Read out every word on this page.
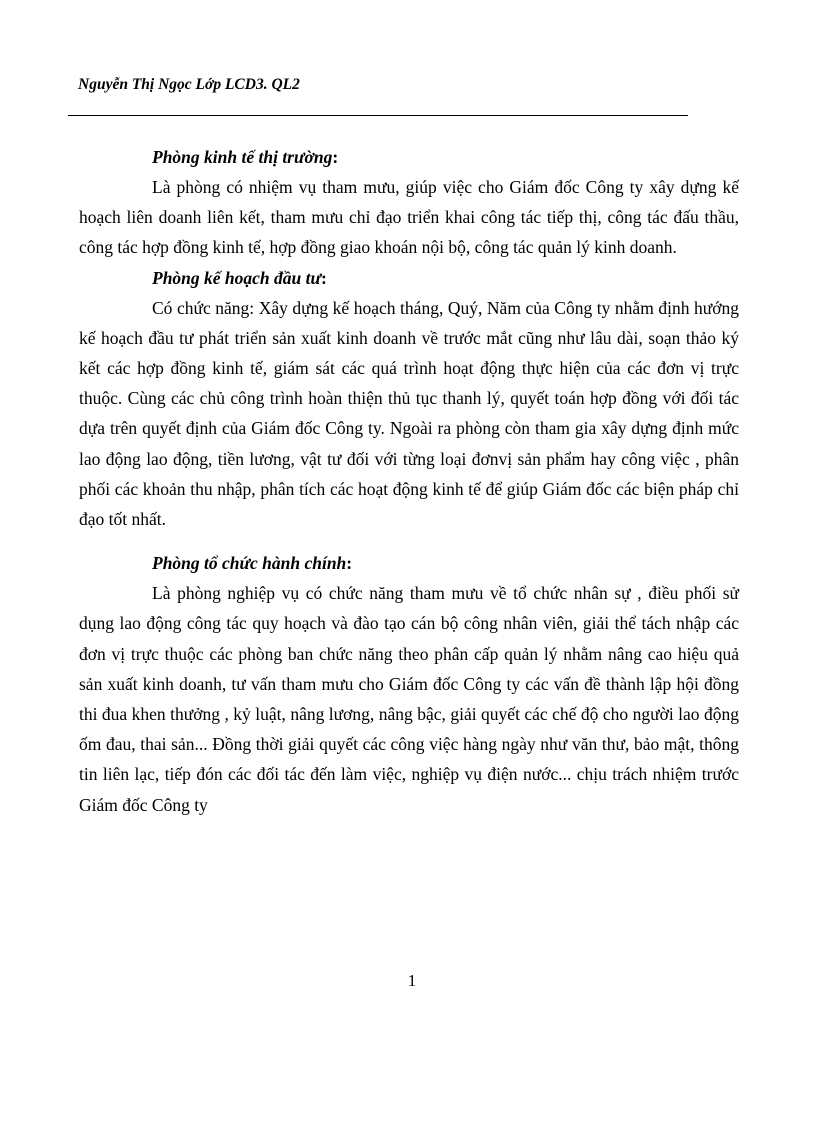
Nguyễn Thị Ngọc Lớp LCD3. QL2

Phòng kinh tế thị trường:

Là phòng có nhiệm vụ tham mưu, giúp việc cho Giám đốc Công ty xây dựng kế hoạch liên doanh liên kết, tham mưu chỉ đạo triển khai công tác tiếp thị, công tác đấu thầu, công tác hợp đồng kinh tế, hợp đồng giao khoán nội bộ, công tác quản lý kinh doanh.

Phòng kế hoạch đầu tư:

Có chức năng: Xây dựng kế hoạch tháng, Quý, Năm của Công ty nhằm định hướng kế hoạch đầu tư phát triển sản xuất kinh doanh về trước mắt cũng như lâu dài, soạn thảo ký kết các hợp đồng kinh tế, giám sát các quá trình hoạt động thực hiện của các đơn vị trực thuộc. Cùng các chủ công trình hoàn thiện thủ tục thanh lý, quyết toán hợp đồng với đối tác dựa trên quyết định của Giám đốc Công ty. Ngoài ra phòng còn tham gia xây dựng định mức lao động lao động, tiền lương, vật tư đối với từng loại đơnvị sản phẩm hay công việc , phân phối các khoản thu nhập, phân tích các hoạt động kinh tế để giúp Giám đốc các biện pháp chỉ đạo tốt nhất.

Phòng tổ chức hành chính:

Là phòng nghiệp vụ có chức năng tham mưu về tổ chức nhân sự , điều phối sử dụng lao động công tác quy hoạch và đào tạo cán bộ công nhân viên, giải thể tách nhập các đơn vị trực thuộc các phòng ban chức năng theo phân cấp quản lý nhằm nâng cao hiệu quả sản xuất kinh doanh, tư vấn tham mưu cho Giám đốc Công ty các vấn đề thành lập hội đồng thi đua khen thưởng , kỷ luật, nâng lương, nâng bậc, giải quyết các chế độ cho người lao động ốm đau, thai sản... Đồng thời giải quyết các công việc hàng ngày như văn thư, bảo mật, thông tin liên lạc, tiếp đón các đối tác đến làm việc, nghiệp vụ điện nước... chịu trách nhiệm trước Giám đốc Công ty

1
